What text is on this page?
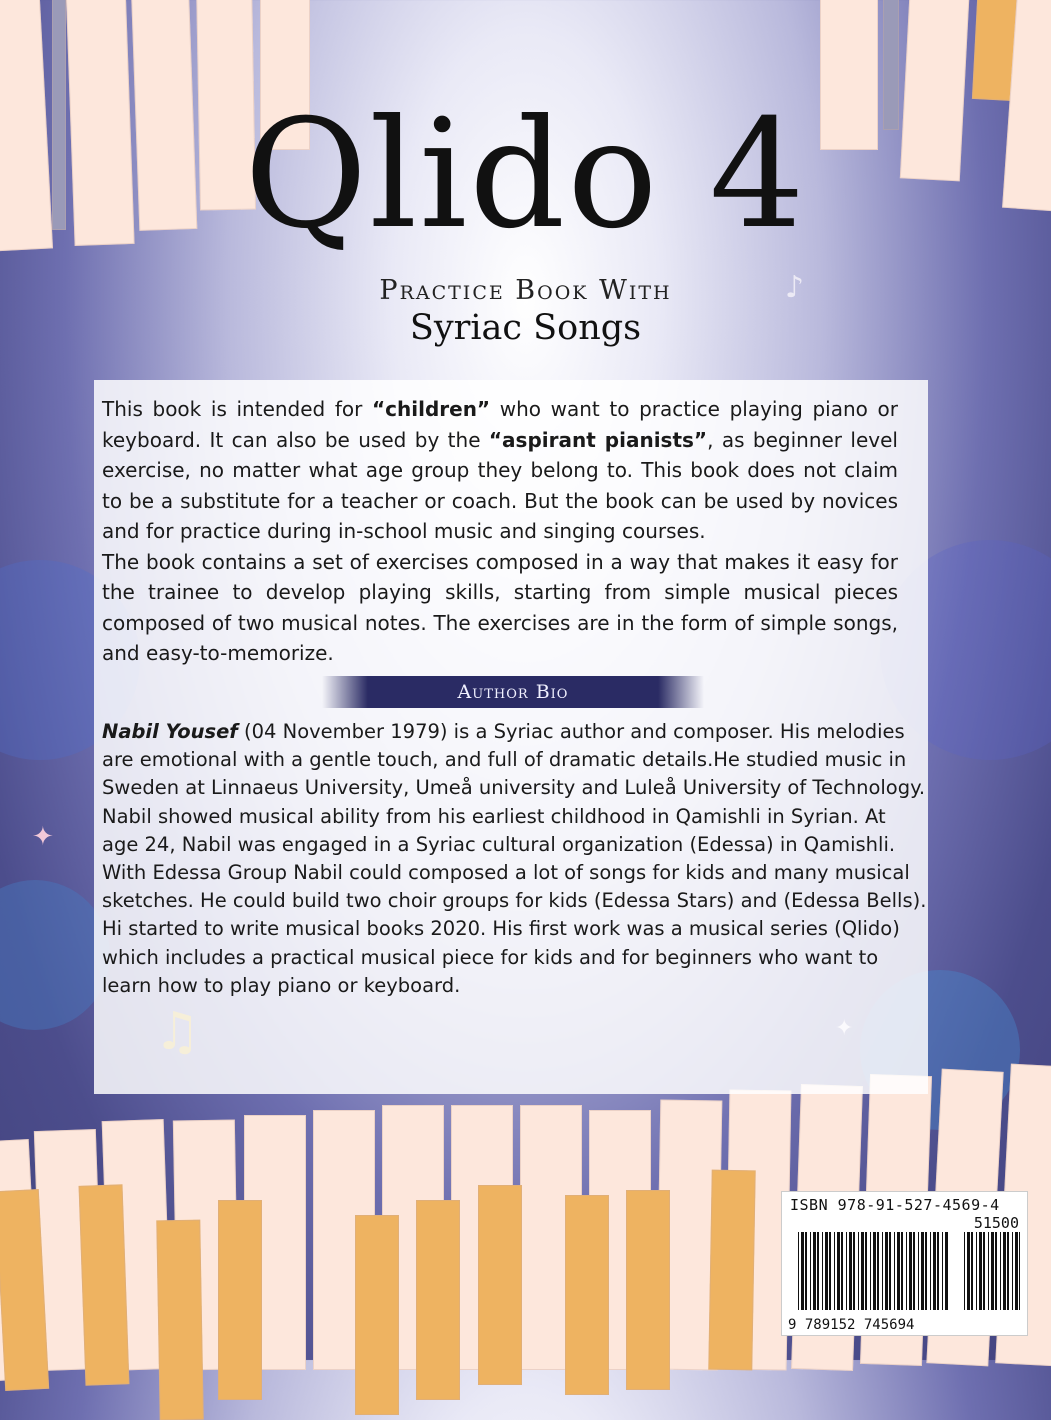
✦
♪
Qlido 4
Practice Book With
Syriac Songs

This book is intended for “children” who want to practice playing piano or keyboard. It can also be used by the “aspirant pianists”, as beginner level exercise, no matter what age group they belong to. This book does not claim to be a substitute for a teacher or coach. But the book can be used by novices and for practice during in-school music and singing courses.

The book contains a set of exercises composed in a way that makes it easy for the trainee to develop playing skills, starting from simple musical pieces composed of two musical notes. The exercises are in the form of simple songs, and easy-to-memorize.

Author Bio

Nabil Yousef (04 November 1979) is a Syriac author and composer. His melodies are emotional with a gentle touch, and full of dramatic details.He studied music in Sweden at Linnaeus University, Umeå university and Luleå University of Technology.

Nabil showed musical ability from his earliest childhood in Qamishli in Syrian. At age 24, Nabil was engaged in a Syriac cultural organization (Edessa) in Qamishli. With Edessa Group Nabil could composed a lot of songs for kids and many musical sketches. He could build two choir groups for kids (Edessa Stars) and (Edessa Bells).

Hi started to write musical books 2020. His first work was a musical series (Qlido) which includes a practical musical piece for kids and for beginners who want to learn how to play piano or keyboard.

♫
ISBN 978-91-527-4569-4
51500
9 789152 745694
